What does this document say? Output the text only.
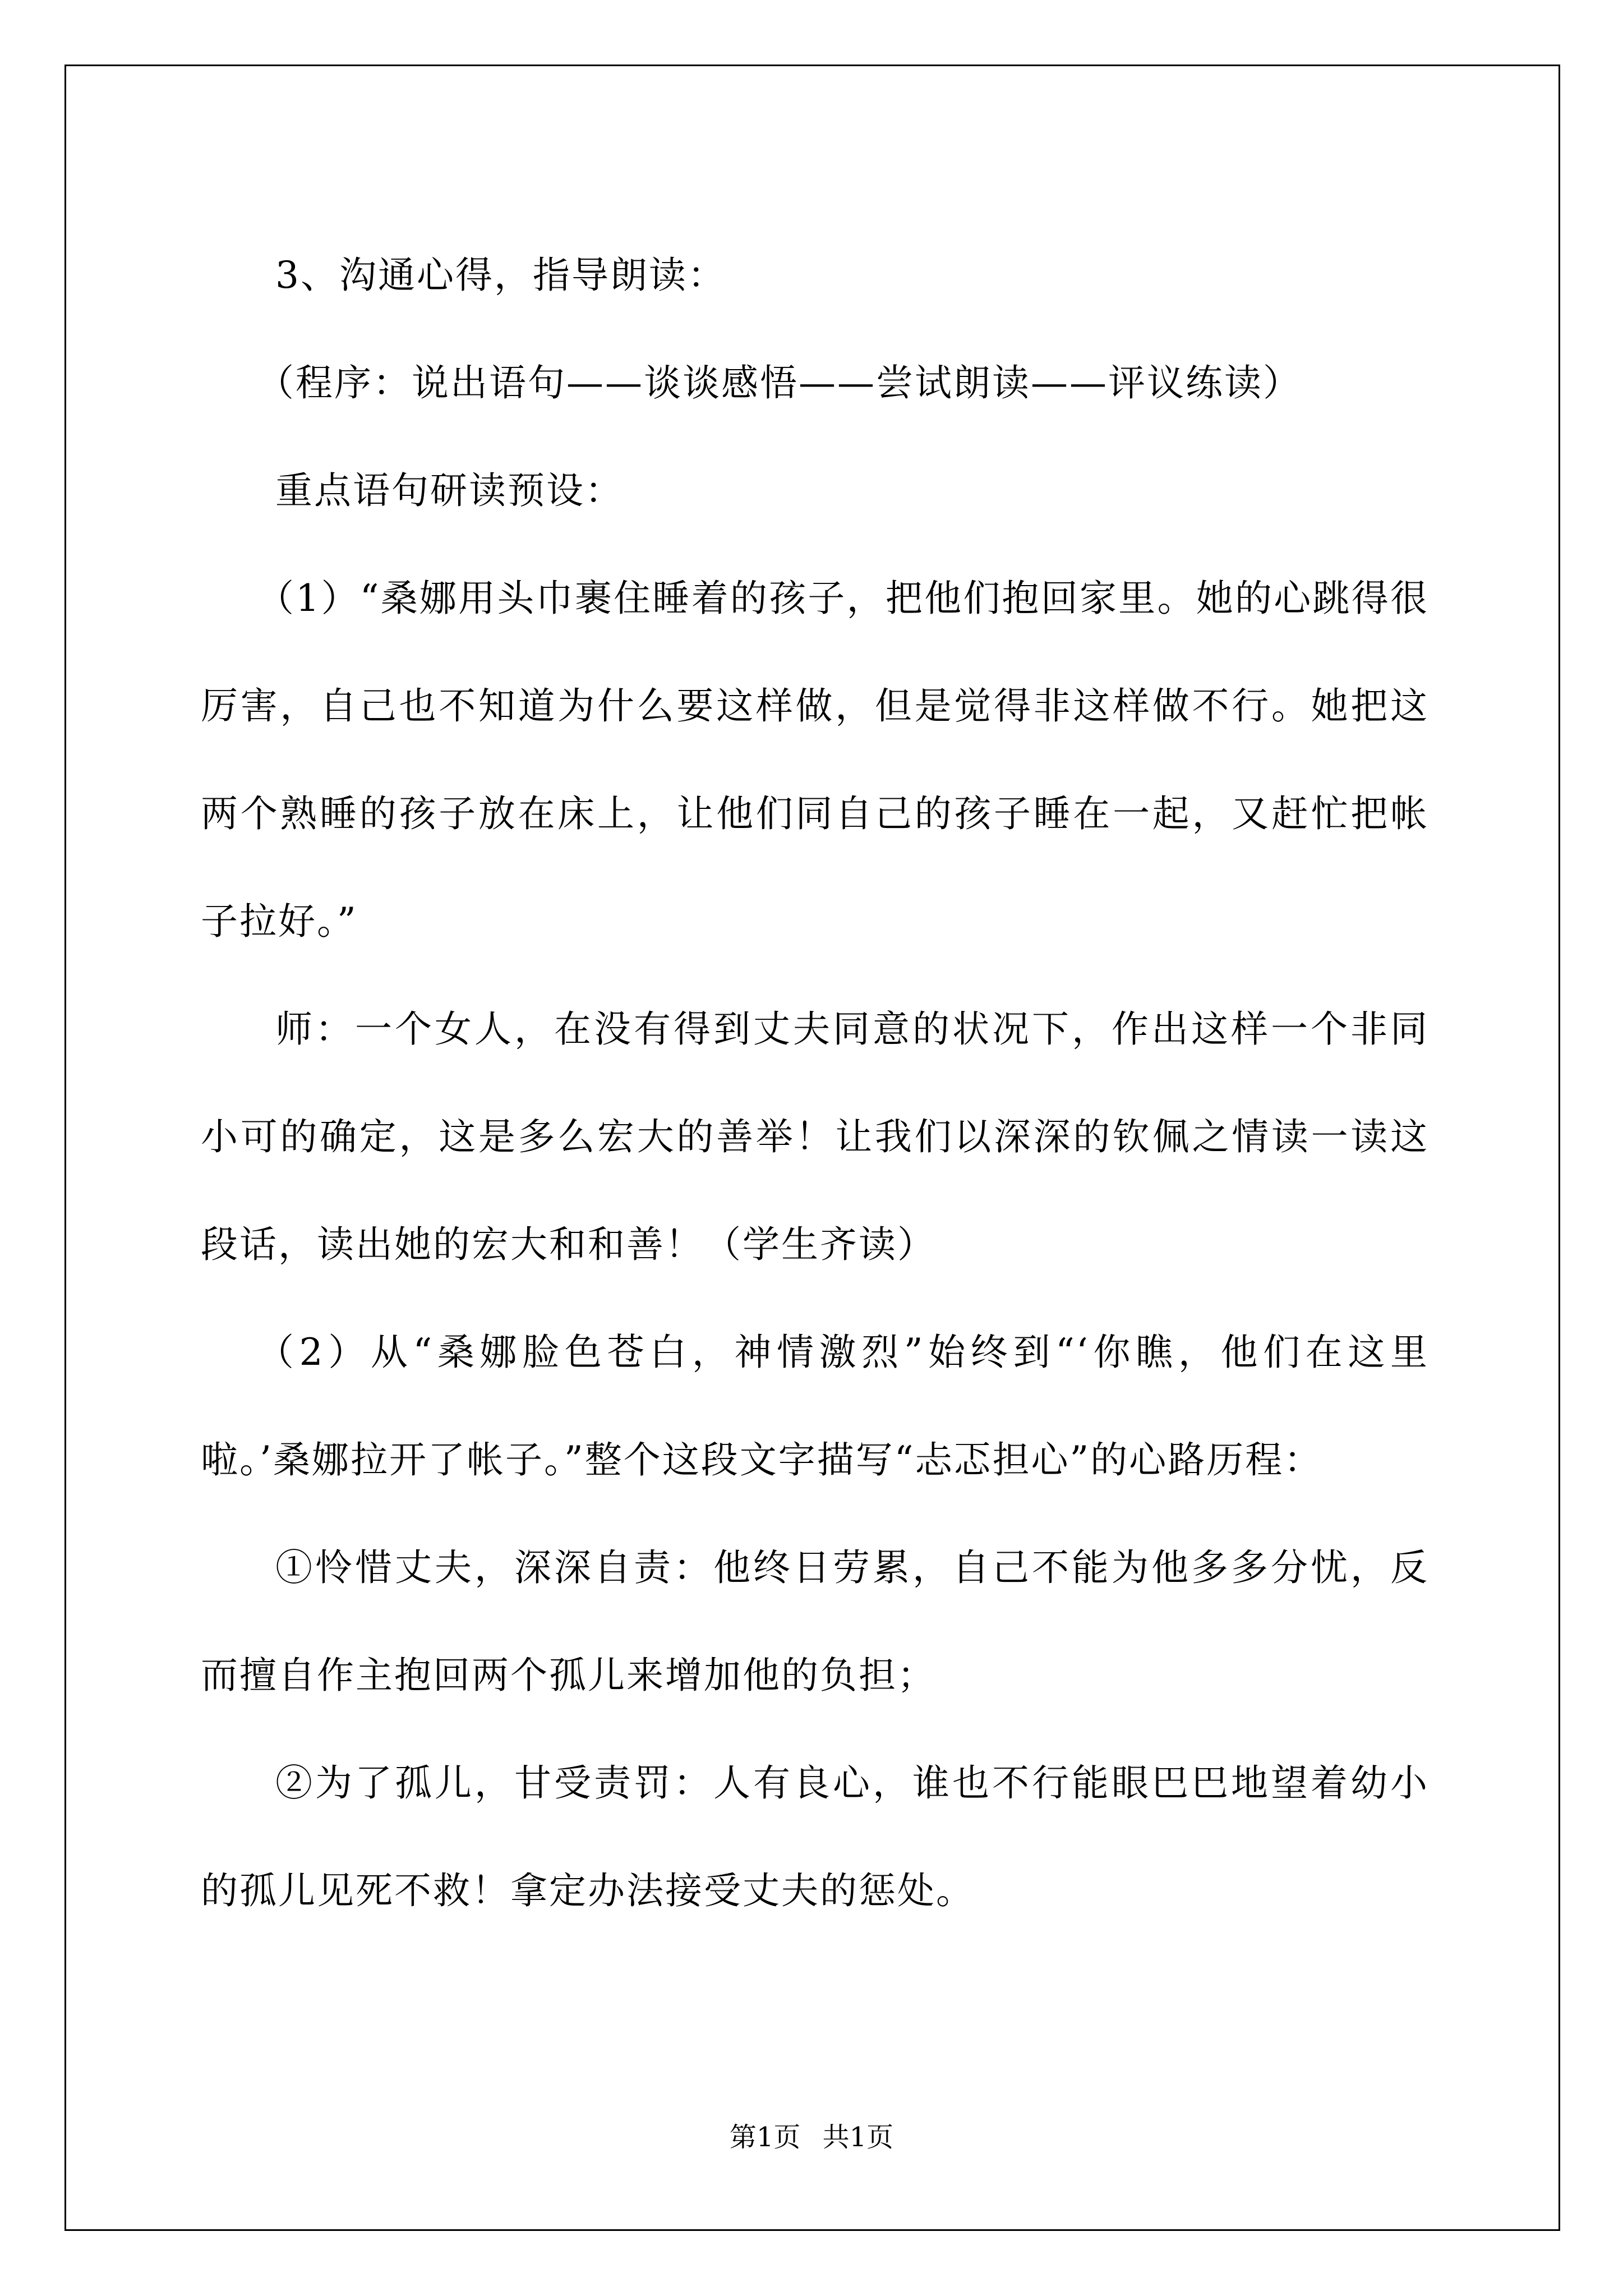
3、沟通心得，指导朗读：

（程序：说出语句——谈谈感悟——尝试朗读——评议练读）

重点语句研读预设：

（1）“桑娜用头巾裹住睡着的孩子，把他们抱回家里。她的心跳得很厉害，自己也不知道为什么要这样做，但是觉得非这样做不行。她把这两个熟睡的孩子放在床上，让他们同自己的孩子睡在一起，又赶忙把帐子拉好。”

师：一个女人，在没有得到丈夫同意的状况下，作出这样一个非同小可的确定，这是多么宏大的善举！让我们以深深的钦佩之情读一读这段话，读出她的宏大和和善！（学生齐读）

（2）从“桑娜脸色苍白，神情激烈”始终到“‘你瞧，他们在这里啦。’桑娜拉开了帐子。”整个这段文字描写“忐忑担心”的心路历程：

①怜惜丈夫，深深自责：他终日劳累，自己不能为他多多分忧，反而擅自作主抱回两个孤儿来增加他的负担；

②为了孤儿，甘受责罚：人有良心，谁也不行能眼巴巴地望着幼小的孤儿见死不救！拿定办法接受丈夫的惩处。

第1页 共1页
